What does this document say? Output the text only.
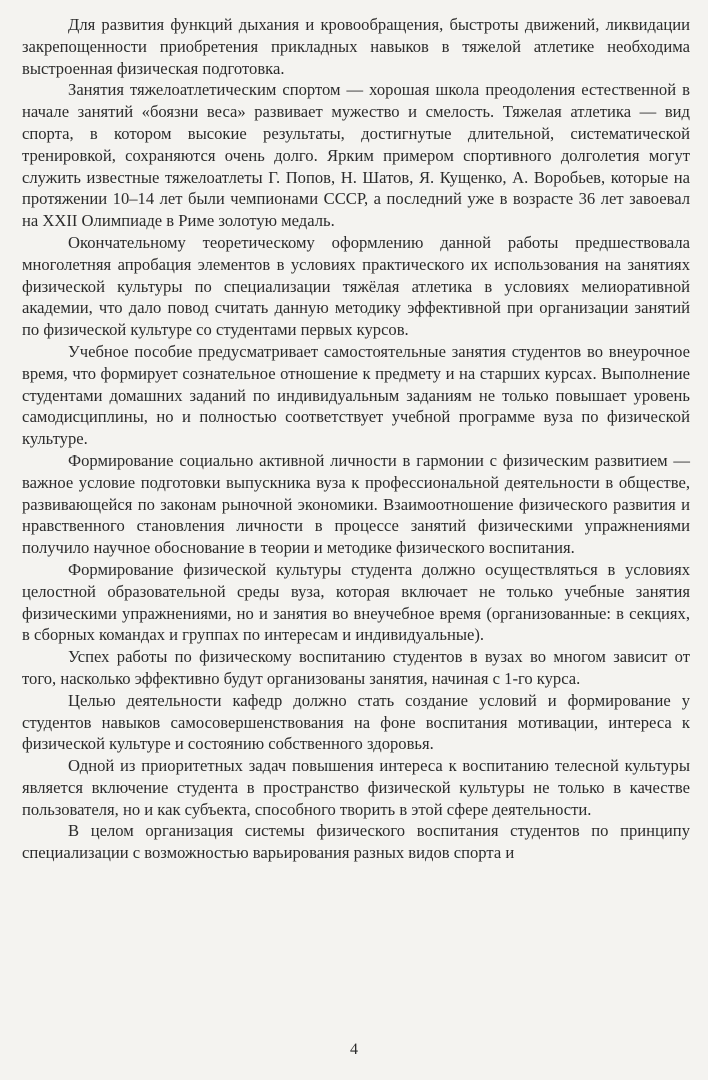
Для развития функций дыхания и кровообращения, быстроты движений, ликвидации закрепощенности приобретения прикладных навыков в тяжелой атлетике необходима выстроенная физическая подготовка.

Занятия тяжелоатлетическим спортом — хорошая школа преодоления естественной в начале занятий «боязни веса» развивает мужество и смелость. Тяжелая атлетика — вид спорта, в котором высокие результаты, достигнутые длительной, систематической тренировкой, сохраняются очень долго. Ярким примером спортивного долголетия могут служить известные тяжелоатлеты Г. Попов, Н. Шатов, Я. Кущенко, А. Воробьев, которые на протяжении 10–14 лет были чемпионами СССР, а последний уже в возрасте 36 лет завоевал на XXII Олимпиаде в Риме золотую медаль.

Окончательному теоретическому оформлению данной работы предшествовала многолетняя апробация элементов в условиях практического их использования на занятиях физической культуры по специализации тяжёлая атлетика в условиях мелиоративной академии, что дало повод считать данную методику эффективной при организации занятий по физической культуре со студентами первых курсов.

Учебное пособие предусматривает самостоятельные занятия студентов во внеурочное время, что формирует сознательное отношение к предмету и на старших курсах. Выполнение студентами домашних заданий по индивидуальным заданиям не только повышает уровень самодисциплины, но и полностью соответствует учебной программе вуза по физической культуре.

Формирование социально активной личности в гармонии с физическим развитием — важное условие подготовки выпускника вуза к профессиональной деятельности в обществе, развивающейся по законам рыночной экономики. Взаимоотношение физического развития и нравственного становления личности в процессе занятий физическими упражнениями получило научное обоснование в теории и методике физического воспитания.

Формирование физической культуры студента должно осуществляться в условиях целостной образовательной среды вуза, которая включает не только учебные занятия физическими упражнениями, но и занятия во внеучебное время (организованные: в секциях, в сборных командах и группах по интересам и индивидуальные).

Успех работы по физическому воспитанию студентов в вузах во многом зависит от того, насколько эффективно будут организованы занятия, начиная с 1-го курса.

Целью деятельности кафедр должно стать создание условий и формирование у студентов навыков самосовершенствования на фоне воспитания мотивации, интереса к физической культуре и состоянию собственного здоровья.

Одной из приоритетных задач повышения интереса к воспитанию телесной культуры является включение студента в пространство физической культуры не только в качестве пользователя, но и как субъекта, способного творить в этой сфере деятельности.

В целом организация системы физического воспитания студентов по принципу специализации с возможностью варьирования разных видов спорта и

4
